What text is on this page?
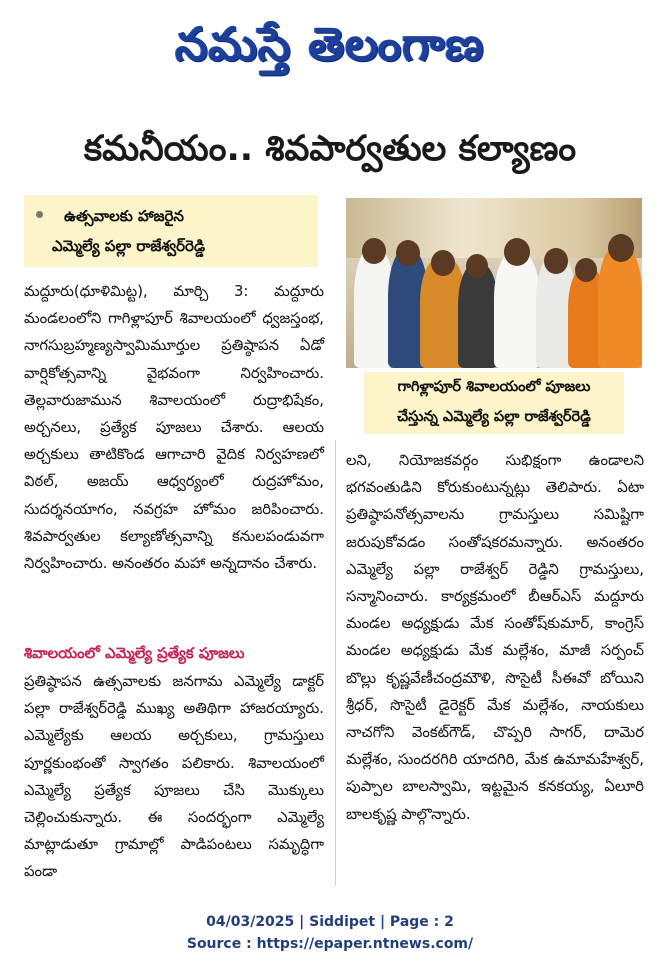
నమస్తే తెలంగాణ
కమనీయం.. శివపార్వతుల కల్యాణం
ఉత్సవాలకు హాజరైన
ఎమ్మెల్యే పల్లా రాజేశ్వర్‌రెడ్డి
గాగిళ్లాపూర్ శివాలయంలో పూజలు
చేస్తున్న ఎమ్మెల్యే పల్లా రాజేశ్వర్‌రెడ్డి

మద్దూరు(ధూళిమిట్ట), మార్చి 3: మద్దూరు మండలంలోని గాగిళ్లాపూర్ శివాలయంలో ధ్వజస్తంభ, నాగసుబ్రహ్మణ్యస్వామిమూర్తుల ప్రతిష్ఠాపన ఏడో వార్షికోత్సవాన్ని వైభవంగా నిర్వహించారు. తెల్లవారుజామున శివాలయంలో రుద్రాభిషేకం, అర్చనలు, ప్రత్యేక పూజలు చేశారు. ఆలయ అర్చకులు తాటికొండ ఆగాచారి వైదిక నిర్వహణలో విఠల్, అజయ్ ఆధ్వర్యంలో రుద్రహోమం, సుదర్శనయాగం, నవగ్రహ హోమం జరిపించారు. శివపార్వతుల కల్యాణోత్సవాన్ని కనులపండువగా నిర్వహించారు. అనంతరం మహా అన్నదానం చేశారు.

శివాలయంలో ఎమ్మెల్యే ప్రత్యేక పూజలు

ప్రతిష్ఠాపన ఉత్సవాలకు జనగామ ఎమ్మెల్యే డాక్టర్ పల్లా రాజేశ్వర్‌రెడ్డి ముఖ్య అతిథిగా హాజరయ్యారు. ఎమ్మెల్యేకు ఆలయ అర్చకులు, గ్రామస్తులు పూర్ణకుంభంతో స్వాగతం పలికారు. శివాలయంలో ఎమ్మెల్యే ప్రత్యేక పూజలు చేసి మొక్కులు చెల్లించుకున్నారు. ఈ సందర్భంగా ఎమ్మెల్యే మాట్లాడుతూ గ్రామాల్లో పాడిపంటలు సమృద్ధిగా పండా

లని, నియోజకవర్గం సుభిక్షంగా ఉండాలని భగవంతుడిని కోరుకుంటున్నట్లు తెలిపారు. ఏటా ప్రతిష్ఠాపనోత్సవాలను గ్రామస్తులు సమిష్టిగా జరుపుకోవడం సంతోషకరమన్నారు. అనంతరం ఎమ్మెల్యే పల్లా రాజేశ్వర్ రెడ్డిని గ్రామస్తులు, సన్మానించారు. కార్యక్రమంలో బీఆర్ఎస్ మద్దూరు మండల అధ్యక్షుడు మేక సంతోష్‌కుమార్, కాంగ్రెస్ మండల అధ్యక్షుడు మేక మల్లేశం, మాజీ సర్పంచ్ బొల్లు కృష్ణవేణీచంద్రమౌళి, సొసైటీ సీఈవో బోయిని శ్రీధర్, సొసైటీ డైరెక్టర్ మేక మల్లేశం, నాయకులు నాచగోని వెంకట్‌గౌడ్, చొప్పరి సాగర్, దామెర మల్లేశం, సుందరగిరి యాదగిరి, మేక ఉమామహేశ్వర్, పుప్పాల బాలస్వామి, ఇట్టమైన కనకయ్య, ఏలూరి బాలకృష్ణ పాల్గొన్నారు.

04/03/2025 | Siddipet | Page : 2
Source : https://epaper.ntnews.com/
